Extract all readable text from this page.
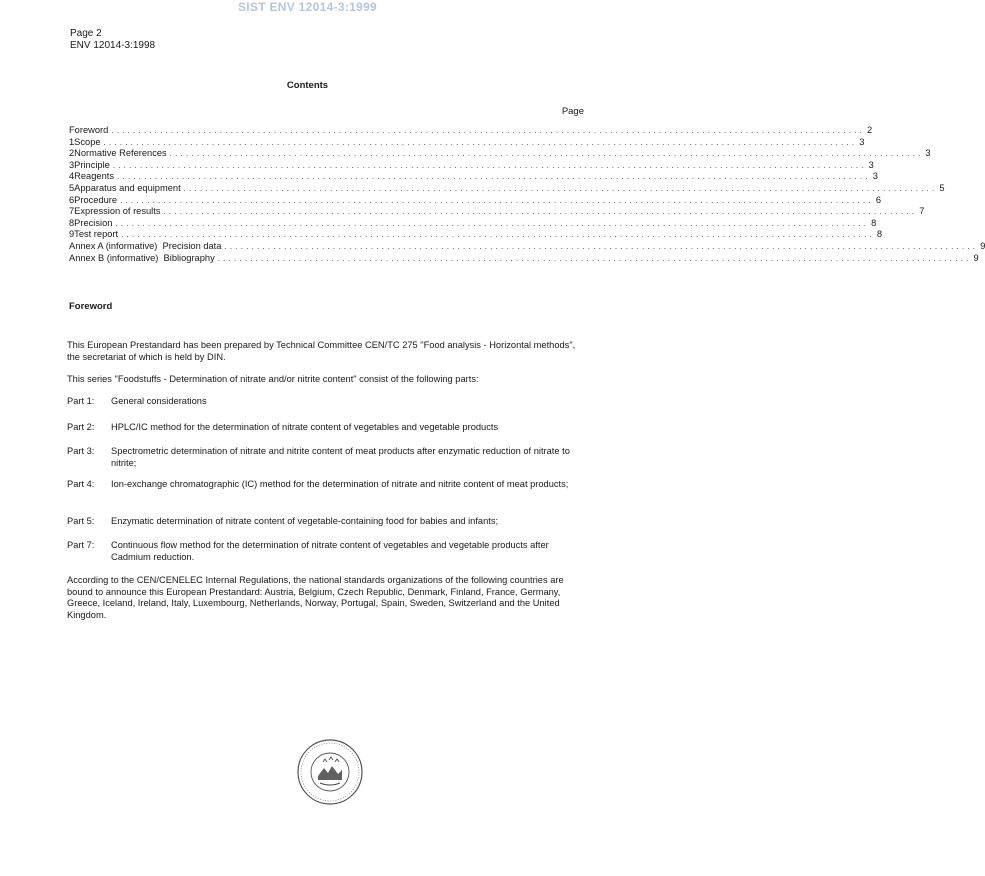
SIST ENV 12014-3:1999
Page 2
ENV 12014-3:1998
Contents
Page
Foreword ........................................................................................................................................... 2
1 Scope ........................................................................................................................................... 3
2 Normative References ........................................................................................................................................... 3
3 Principle ........................................................................................................................................... 3
4 Reagents ........................................................................................................................................... 3
5 Apparatus and equipment ........................................................................................................................................... 5
6 Procedure ........................................................................................................................................... 6
7 Expression of results ........................................................................................................................................... 7
8 Precision ........................................................................................................................................... 8
9 Test report ........................................................................................................................................... 8
Annex A (informative)  Precision data ........................................................................................................................................... 9
Annex B (informative)  Bibliography ........................................................................................................................................... 9
Foreword
This European Prestandard has been prepared by Technical Committee CEN/TC 275 "Food analysis - Horizontal methods", the secretariat of which is held by DIN.
This series "Foodstuffs - Determination of nitrate and/or nitrite content" consist of the following parts:
Part 1:	General considerations
Part 2:	HPLC/IC method for the determination of nitrate content of vegetables and vegetable products
Part 3:	Spectrometric determination of nitrate and nitrite content of meat products after enzymatic reduction of nitrate to nitrite;
Part 4:	Ion-exchange chromatographic (IC) method for the determination of nitrate and nitrite content of meat products;
Part 5:	Enzymatic determination of nitrate content of vegetable-containing food for babies and infants;
Part 7:	Continuous flow method for the determination of nitrate content of vegetables and vegetable products after Cadmium reduction.
According to the CEN/CENELEC Internal Regulations, the national standards organizations of the following countries are bound to announce this European Prestandard: Austria, Belgium, Czech Republic, Denmark, Finland, France, Germany, Greece, Iceland, Ireland, Italy, Luxembourg, Netherlands, Norway, Portugal, Spain, Sweden, Switzerland and the United Kingdom.
